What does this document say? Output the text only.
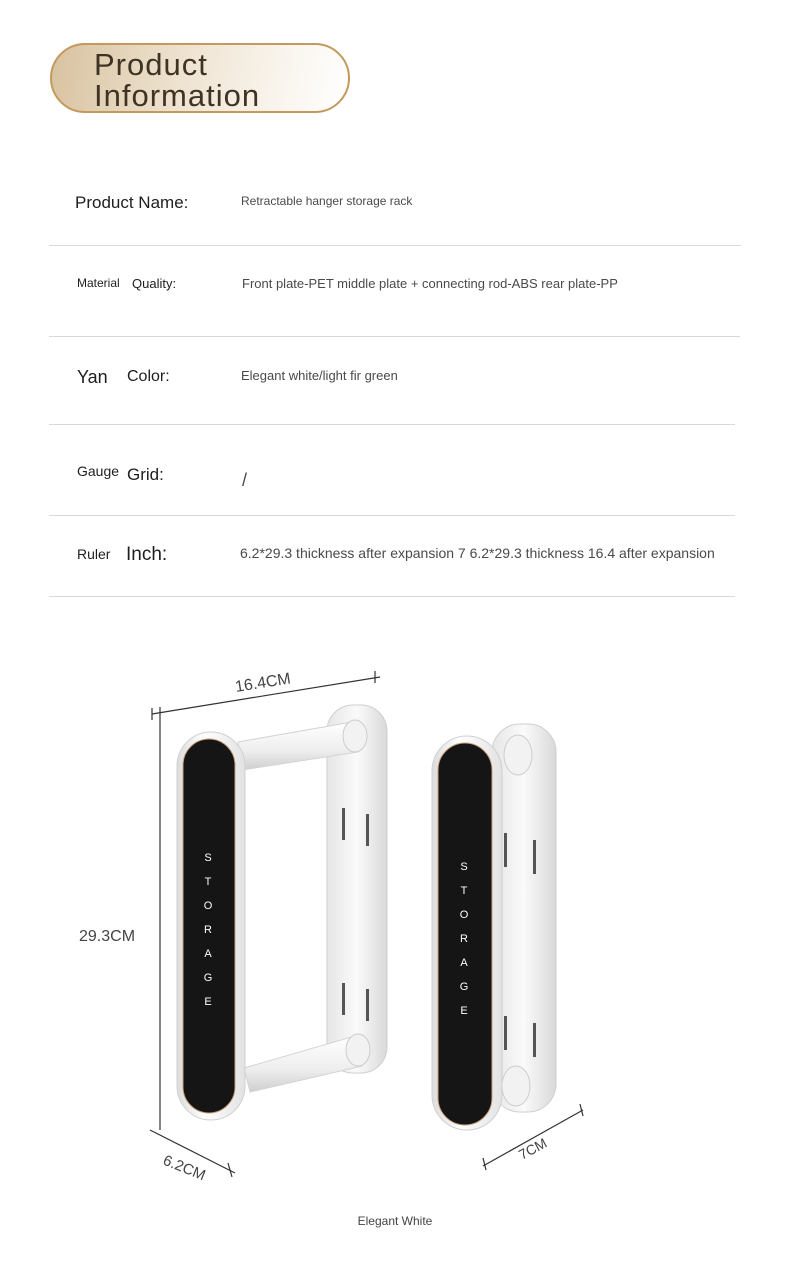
Product
Information
Product Name:	Retractable hanger storage rack
Material Quality:	Front plate-PET middle plate + connecting rod-ABS rear plate-PP
Yan Color:	Elegant white/light fir green
Gauge Grid:	/
Ruler Inch:	6.2*29.3 thickness after expansion 7 6.2*29.3 thickness 16.4 after expansion
16.4CM
29.3CM
6.2CM
7CM
S
T
O
R
A
G
E
S
T
O
R
A
G
E
Elegant White
